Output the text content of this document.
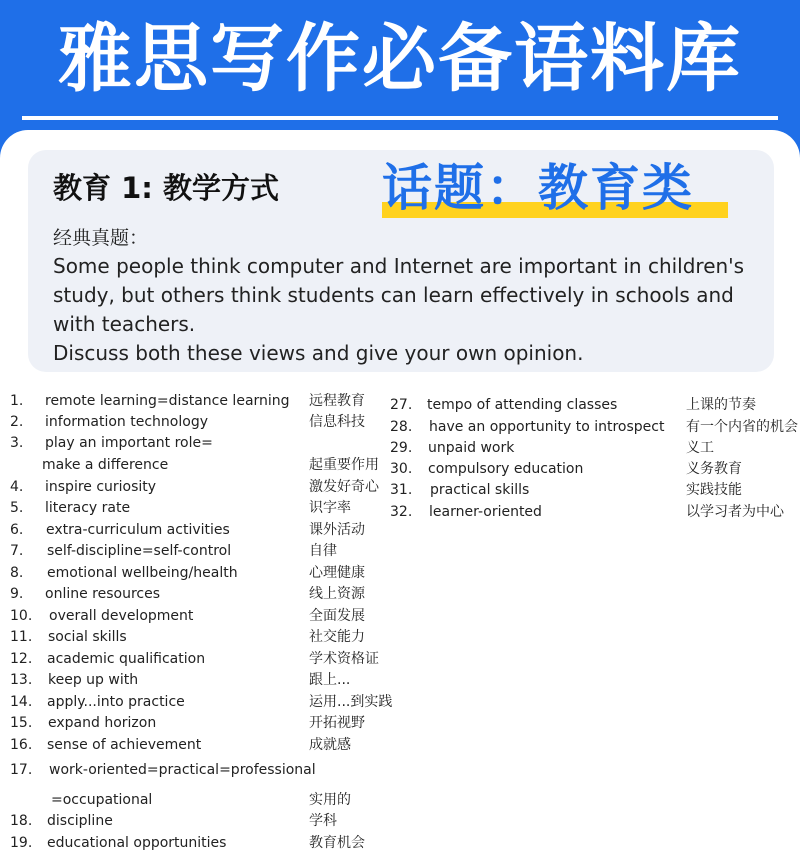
雅思写作必备语料库
教育 1: 教学方式 话题：教育类
经典真题：

Some people think computer and Internet are important in children's study, but others think students can learn effectively in schools and with teachers.

Discuss both these views and give your own opinion.

1. remote learning=distance learning 远程教育
2. information technology	信息科技
3. play an important role=
make a difference	起重要作用
4. inspire curiosity	激发好奇心
5. literacy rate	识字率
6. extra-curriculum activities	课外活动
7. self-discipline=self-control	自律
8. emotional wellbeing/health	心理健康
9. online resources	线上资源
10. overall development	全面发展
11. social skills	社交能力
12. academic qualification	学术资格证
13. keep up with	跟上...
14. apply...into practice	运用...到实践
15. expand horizon	开拓视野
16. sense of achievement	成就感
17. work-oriented=practical=professional
=occupational	实用的
18. discipline	学科
19. educational opportunities	教育机会
27. tempo of attending classes	上课的节奏
28. have an opportunity to introspect 有一个内省的机会
29. unpaid work	义工
30. compulsory education	义务教育
31. practical skills	实践技能
32. learner-oriented	以学习者为中心
